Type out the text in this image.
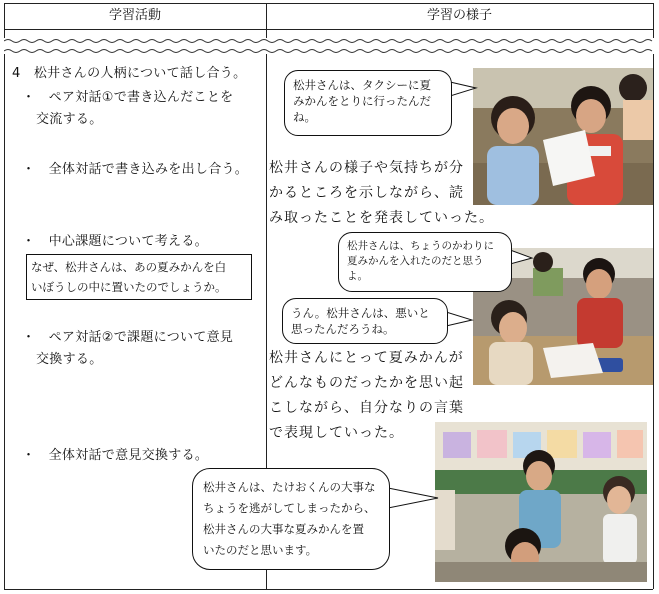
学習活動	学習の様子
4　松井さんの人柄について話し合う。
・　ペア対話①で書き込んだことを
交流する。
・　全体対話で書き込みを出し合う。
・　中心課題について考える。
なぜ、松井さんは、あの夏みかんを白
いぼうしの中に置いたのでしょうか。
・　ペア対話②で課題について意見
交換する。
・　全体対話で意見交換する。
松井さんは、タクシーに夏
みかんをとりに行ったんだ
ね。
松井さんの様子や気持ちが分
かるところを示しながら、読
み取ったことを発表していった。
松井さんは、ちょうのかわりに
夏みかんを入れたのだと思う
よ。
うん。松井さんは、悪いと
思ったんだろうね。
松井さんにとって夏みかんが
どんなものだったかを思い起
こしながら、自分なりの言葉
で表現していった。
松井さんは、たけおくんの大事な
ちょうを逃がしてしまったから、
松井さんの大事な夏みかんを置
いたのだと思います。
